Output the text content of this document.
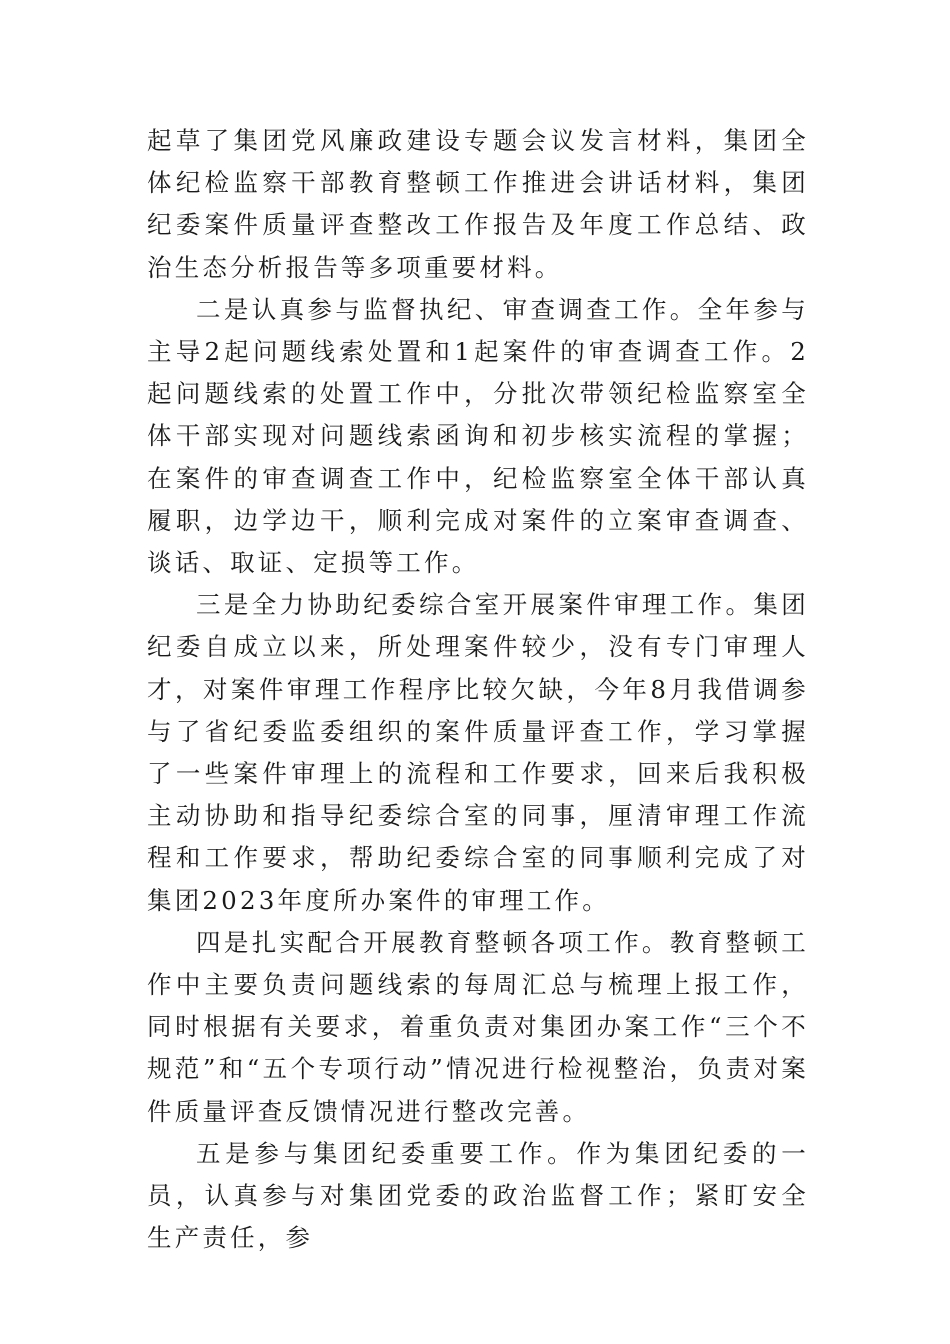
起草了集团党风廉政建设专题会议发言材料，集团全体纪检监察干部教育整顿工作推进会讲话材料，集团纪委案件质量评查整改工作报告及年度工作总结、政治生态分析报告等多项重要材料。

二是认真参与监督执纪、审查调查工作。全年参与主导2起问题线索处置和1起案件的审查调查工作。2起问题线索的处置工作中，分批次带领纪检监察室全体干部实现对问题线索函询和初步核实流程的掌握；在案件的审查调查工作中，纪检监察室全体干部认真履职，边学边干，顺利完成对案件的立案审查调查、谈话、取证、定损等工作。

三是全力协助纪委综合室开展案件审理工作。集团纪委自成立以来，所处理案件较少，没有专门审理人才，对案件审理工作程序比较欠缺，今年8月我借调参与了省纪委监委组织的案件质量评查工作，学习掌握了一些案件审理上的流程和工作要求，回来后我积极主动协助和指导纪委综合室的同事，厘清审理工作流程和工作要求，帮助纪委综合室的同事顺利完成了对集团2023年度所办案件的审理工作。

四是扎实配合开展教育整顿各项工作。教育整顿工作中主要负责问题线索的每周汇总与梳理上报工作，同时根据有关要求，着重负责对集团办案工作“三个不规范”和“五个专项行动”情况进行检视整治，负责对案件质量评查反馈情况进行整改完善。

五是参与集团纪委重要工作。作为集团纪委的一员，认真参与对集团党委的政治监督工作；紧盯安全生产责任，参
